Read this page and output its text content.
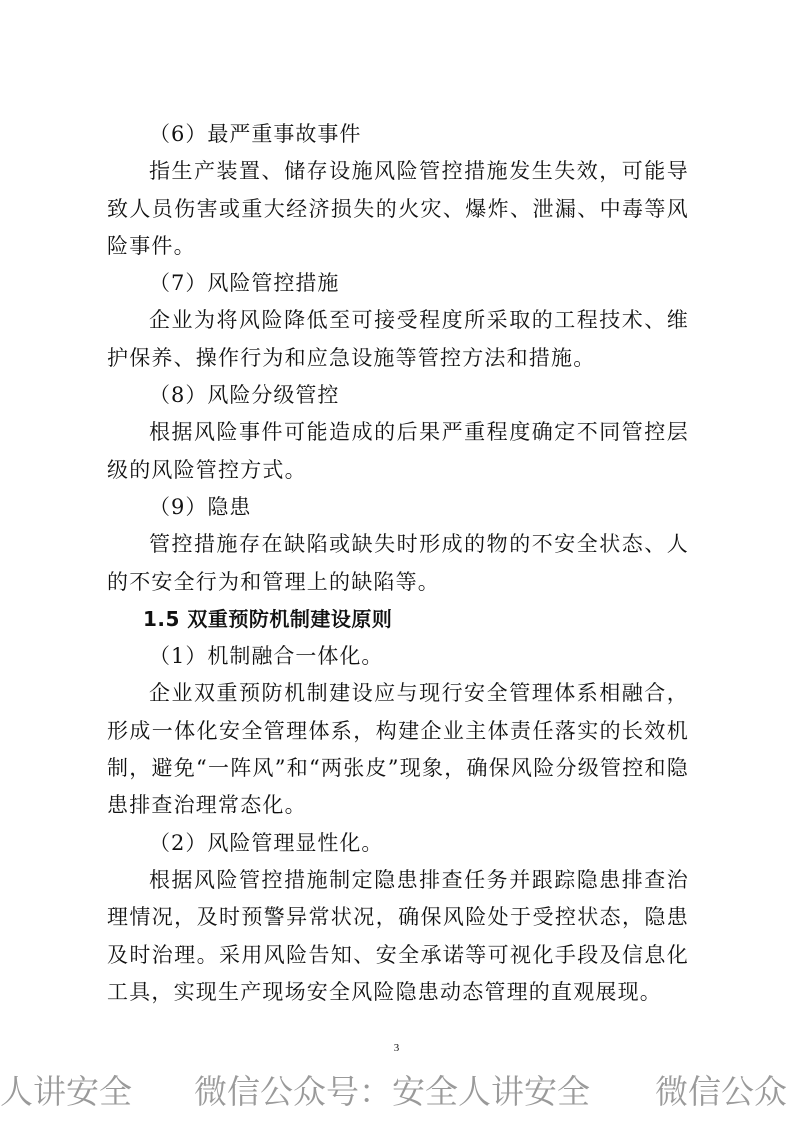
（6）最严重事故事件

指生产装置、储存设施风险管控措施发生失效，可能导致人员伤害或重大经济损失的火灾、爆炸、泄漏、中毒等风险事件。

（7）风险管控措施

企业为将风险降低至可接受程度所采取的工程技术、维护保养、操作行为和应急设施等管控方法和措施。

（8）风险分级管控

根据风险事件可能造成的后果严重程度确定不同管控层级的风险管控方式。

（9）隐患

管控措施存在缺陷或缺失时形成的物的不安全状态、人的不安全行为和管理上的缺陷等。

1.5 双重预防机制建设原则

（1）机制融合一体化。

企业双重预防机制建设应与现行安全管理体系相融合，形成一体化安全管理体系，构建企业主体责任落实的长效机制，避免“一阵风”和“两张皮”现象，确保风险分级管控和隐患排查治理常态化。

（2）风险管理显性化。

根据风险管控措施制定隐患排查任务并跟踪隐患排查治理情况，及时预警异常状况，确保风险处于受控状态，隐患及时治理。采用风险告知、安全承诺等可视化手段及信息化工具，实现生产现场安全风险隐患动态管理的直观展现。

3
人讲安全 微信公众号：安全人讲安全 微信公众
